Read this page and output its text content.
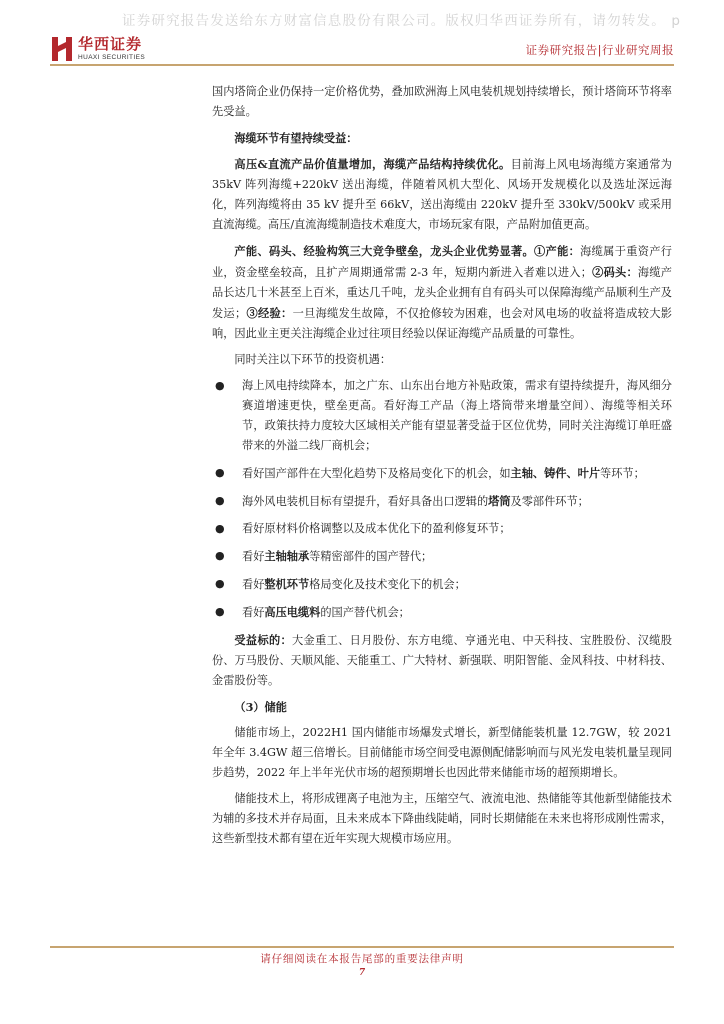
证券研究报告发送给东方财富信息股份有限公司。版权归华西证券所有，请勿转发。 p
华西证券
HUAXI SECURITIES
证券研究报告|行业研究周报

国内塔筒企业仍保持一定价格优势，叠加欧洲海上风电装机规划持续增长，预计塔筒环节将率先受益。

海缆环节有望持续受益：

高压&直流产品价值量增加，海缆产品结构持续优化。目前海上风电场海缆方案通常为 35kV 阵列海缆+220kV 送出海缆，伴随着风机大型化、风场开发规模化以及选址深远海化，阵列海缆将由 35 kV 提升至 66kV，送出海缆由 220kV 提升至 330kV/500kV 或采用直流海缆。高压/直流海缆制造技术难度大，市场玩家有限，产品附加值更高。

产能、码头、经验构筑三大竞争壁垒，龙头企业优势显著。①产能：海缆属于重资产行业，资金壁垒较高，且扩产周期通常需 2-3 年，短期内新进入者难以进入；②码头：海缆产品长达几十米甚至上百米，重达几千吨，龙头企业拥有自有码头可以保障海缆产品顺利生产及发运；③经验：一旦海缆发生故障，不仅抢修较为困难，也会对风电场的收益将造成较大影响，因此业主更关注海缆企业过往项目经验以保证海缆产品质量的可靠性。

同时关注以下环节的投资机遇：

● 海上风电持续降本，加之广东、山东出台地方补贴政策，需求有望持续提升，海风细分赛道增速更快，壁垒更高。看好海工产品（海上塔筒带来增量空间）、海缆等相关环节，政策扶持力度较大区域相关产能有望显著受益于区位优势，同时关注海缆订单旺盛带来的外溢二线厂商机会；
● 看好国产部件在大型化趋势下及格局变化下的机会，如主轴、铸件、叶片等环节；
● 海外风电装机目标有望提升，看好具备出口逻辑的塔筒及零部件环节；
● 看好原材料价格调整以及成本优化下的盈利修复环节；
● 看好主轴轴承等精密部件的国产替代；
● 看好整机环节格局变化及技术变化下的机会；
● 看好高压电缆料的国产替代机会；

受益标的：大金重工、日月股份、东方电缆、亨通光电、中天科技、宝胜股份、汉缆股份、万马股份、天顺风能、天能重工、广大特材、新强联、明阳智能、金风科技、中材科技、金雷股份等。

（3）储能

储能市场上，2022H1 国内储能市场爆发式增长，新型储能装机量 12.7GW，较 2021 年全年 3.4GW 超三倍增长。目前储能市场空间受电源侧配储影响而与风光发电装机量呈现同步趋势，2022 年上半年光伏市场的超预期增长也因此带来储能市场的超预期增长。

储能技术上，将形成锂离子电池为主，压缩空气、液流电池、热储能等其他新型储能技术为辅的多技术并存局面，且未来成本下降曲线陡峭，同时长期储能在未来也将形成刚性需求，这些新型技术都有望在近年实现大规模市场应用。

请仔细阅读在本报告尾部的重要法律声明
7
